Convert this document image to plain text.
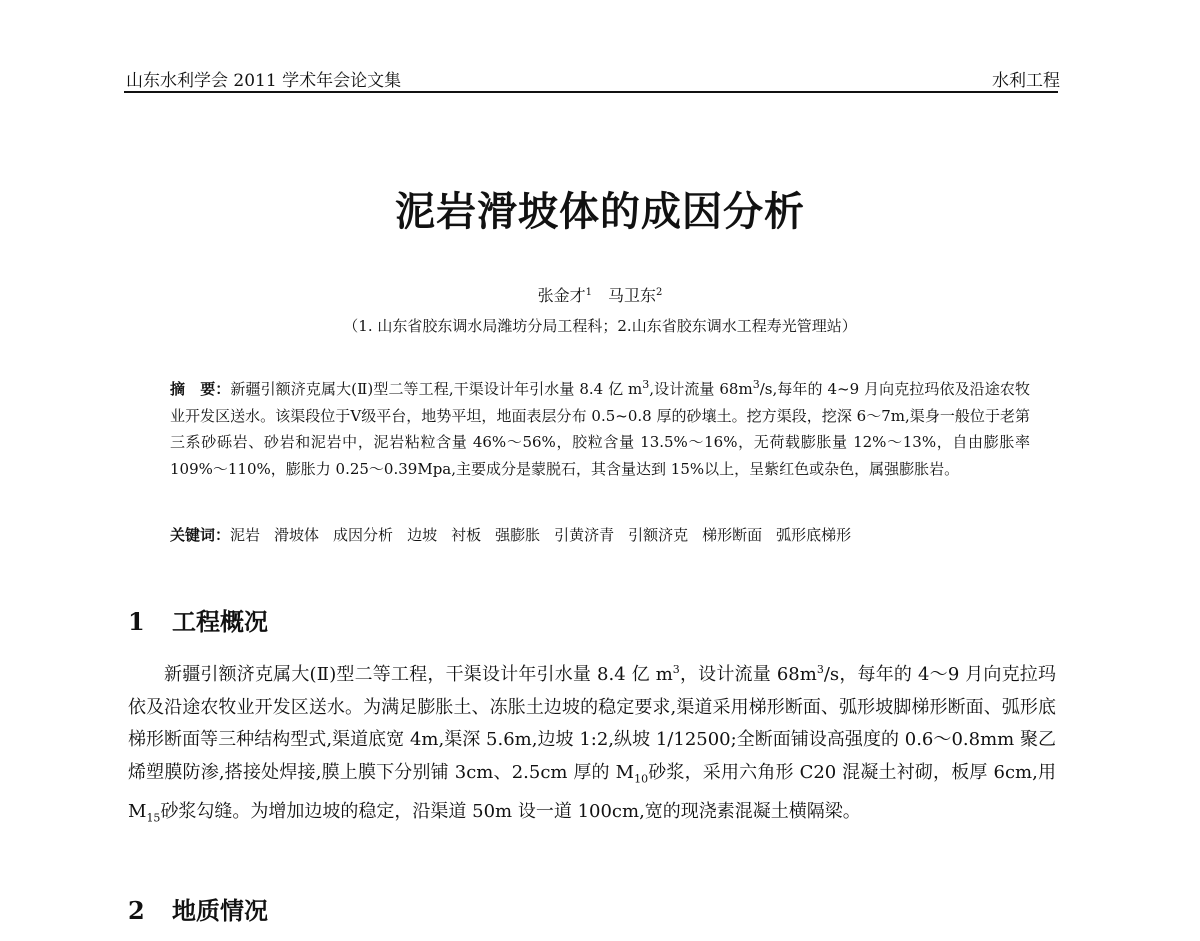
山东水利学会 2011 学术年会论文集	水利工程
泥岩滑坡体的成因分析
张金才$^1$ 马卫东$^2$
（1. 山东省胶东调水局潍坊分局工程科；2.山东省胶东调水工程寿光管理站）
摘　要：新疆引额济克属大(Ⅱ)型二等工程,干渠设计年引水量 8.4 亿 $m^3$,设计流量 $68m^3/s$,每年的 4~9 月向克拉玛依及沿途农牧业开发区送水。该渠段位于Ⅴ级平台，地势平坦，地面表层分布 0.5~0.8 厚的砂壤土。挖方渠段，挖深 6～7m,渠身一般位于老第三系砂砾岩、砂岩和泥岩中，泥岩粘粒含量 46%～56%，胶粒含量 13.5%～16%，无荷载膨胀量 12%～13%，自由膨胀率 109%～110%，膨胀力 0.25～0.39Mpa,主要成分是蒙脱石，其含量达到 15%以上，呈紫红色或杂色，属强膨胀岩。
关键词：泥岩 滑坡体 成因分析 边坡 衬板 强膨胀 引黄济青 引额济克 梯形断面 弧形底梯形
1 工程概况
新疆引额济克属大(Ⅱ)型二等工程，干渠设计年引水量 8.4 亿 $m^3$，设计流量 $68m^3/s$，每年的 4～9 月向克拉玛依及沿途农牧业开发区送水。为满足膨胀土、冻胀土边坡的稳定要求,渠道采用梯形断面、弧形坡脚梯形断面、弧形底梯形断面等三种结构型式,渠道底宽 4m,渠深 5.6m,边坡 1:2,纵坡 1/12500;全断面铺设高强度的 0.6～0.8mm 聚乙烯塑膜防渗,搭接处焊接,膜上膜下分别铺 3cm、2.5cm 厚的 $M_{10}$砂浆，采用六角形 C20 混凝土衬砌，板厚 6cm,用 $M_{15}$砂浆勾缝。为增加边坡的稳定，沿渠道 50m 设一道 100cm,宽的现浇素混凝土横隔梁。
2 地质情况
